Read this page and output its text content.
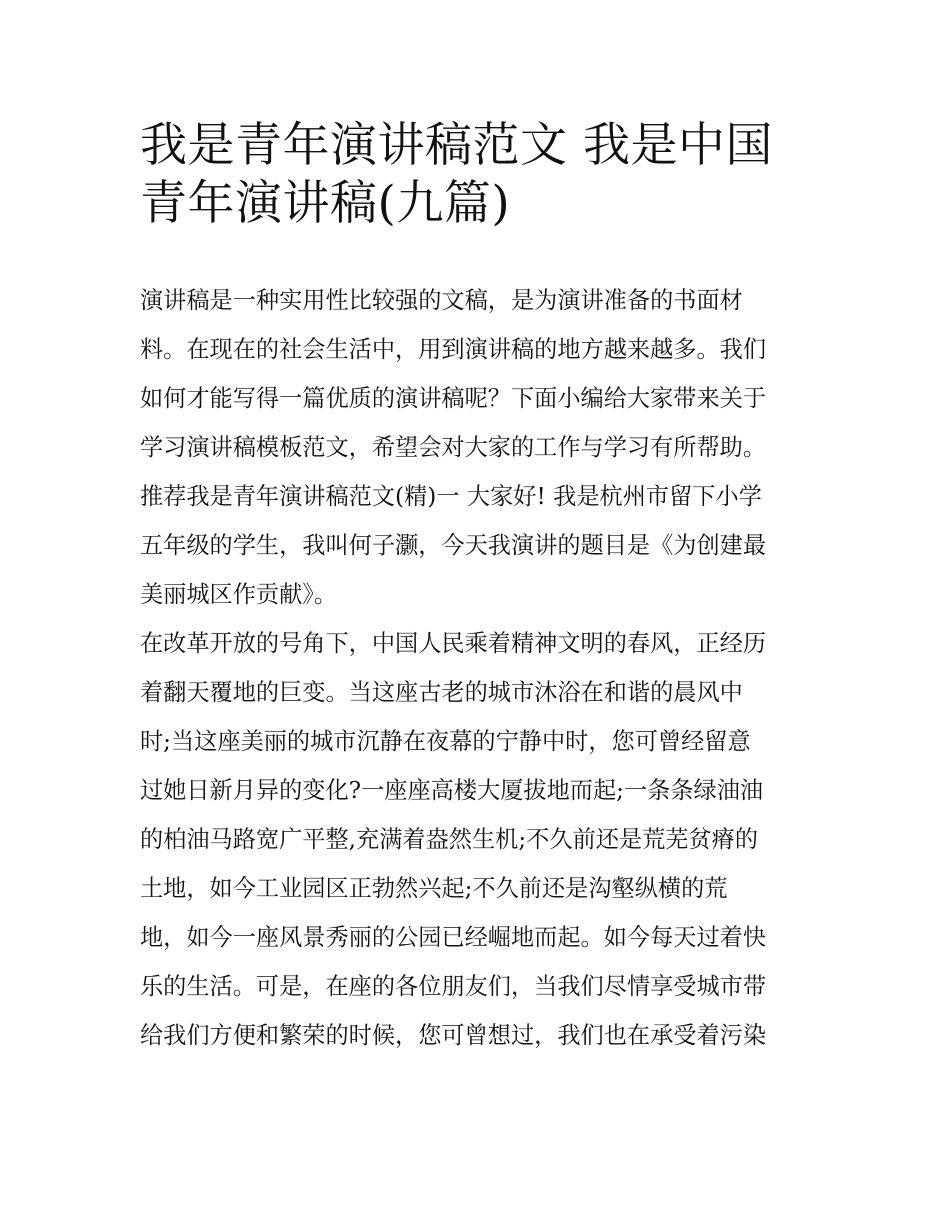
我是青年演讲稿范文 我是中国
青年演讲稿(九篇)
演讲稿是一种实用性比较强的文稿，是为演讲准备的书面材
料。在现在的社会生活中，用到演讲稿的地方越来越多。我们
如何才能写得一篇优质的演讲稿呢？下面小编给大家带来关于
学习演讲稿模板范文，希望会对大家的工作与学习有所帮助。
推荐我是青年演讲稿范文(精)一 大家好! 我是杭州市留下小学
五年级的学生，我叫何子灏，今天我演讲的题目是《为创建最
美丽城区作贡献》。
在改革开放的号角下，中国人民乘着精神文明的春风，正经历
着翻天覆地的巨变。当这座古老的城市沐浴在和谐的晨风中
时;当这座美丽的城市沉静在夜幕的宁静中时，您可曾经留意
过她日新月异的变化?一座座高楼大厦拔地而起;一条条绿油油
的柏油马路宽广平整,充满着盎然生机;不久前还是荒芜贫瘠的
土地，如今工业园区正勃然兴起;不久前还是沟壑纵横的荒
地，如今一座风景秀丽的公园已经崛地而起。如今每天过着快
乐的生活。可是，在座的各位朋友们，当我们尽情享受城市带
给我们方便和繁荣的时候，您可曾想过，我们也在承受着污染
